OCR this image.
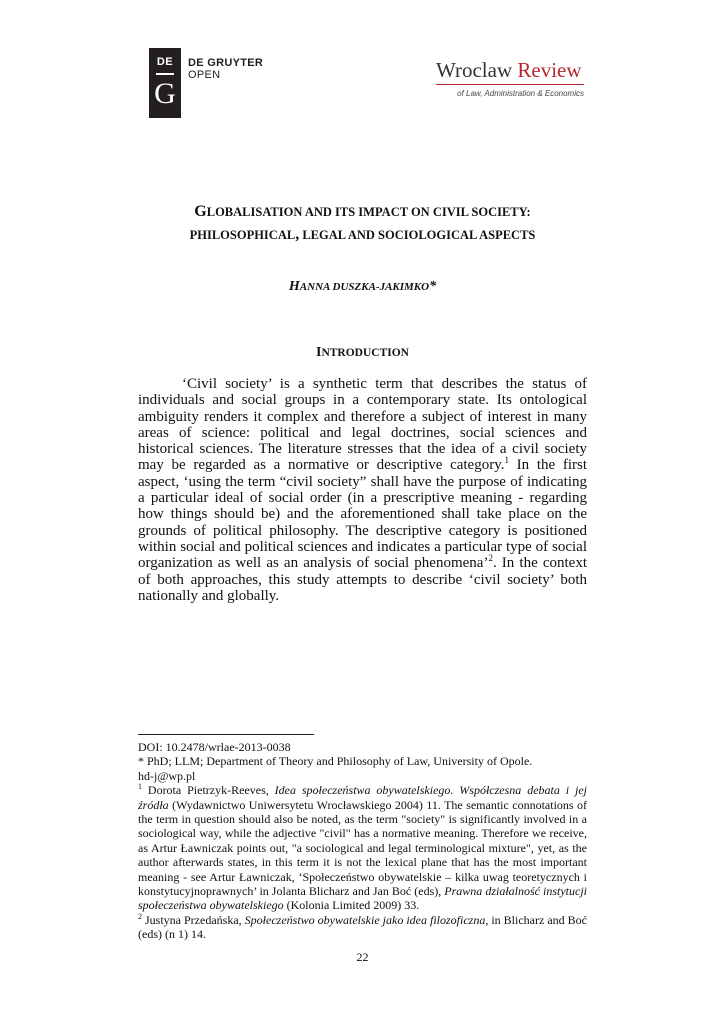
DE
G
DE GRUYTER
OPEN	Wroclaw Review
of Law, Administration & Economics
GLOBALISATION AND ITS IMPACT ON CIVIL SOCIETY:
PHILOSOPHICAL, LEGAL AND SOCIOLOGICAL ASPECTS
HANNA DUSZKA-JAKIMKO*
INTRODUCTION

‘Civil society’ is a synthetic term that describes the status of individuals and social groups in a contemporary state. Its ontological ambiguity renders it complex and therefore a subject of interest in many areas of science: political and legal doctrines, social sciences and historical sciences. The literature stresses that the idea of a civil society may be regarded as a normative or descriptive category.$^1$ In the first aspect, ‘using the term “civil society” shall have the purpose of indicating a particular ideal of social order (in a prescriptive meaning - regarding how things should be) and the aforementioned shall take place on the grounds of political philosophy. The descriptive category is positioned within social and political sciences and indicates a particular type of social organization as well as an analysis of social phenomena’$^2$. In the context of both approaches, this study attempts to describe ‘civil society’ both nationally and globally.

DOI: 10.2478/wrlae-2013-0038

* PhD; LLM; Department of Theory and Philosophy of Law, University of Opole.

hd-j@wp.pl

$^1$ Dorota Pietrzyk-Reeves, Idea społeczeństwa obywatelskiego. Współczesna debata i jej źródła (Wydawnictwo Uniwersytetu Wrocławskiego 2004) 11. The semantic connotations of the term in question should also be noted, as the term "society" is significantly involved in a sociological way, while the adjective "civil" has a normative meaning. Therefore we receive, as Artur Ławniczak points out, "a sociological and legal terminological mixture", yet, as the author afterwards states, in this term it is not the lexical plane that has the most important meaning - see Artur Ławniczak, ‘Społeczeństwo obywatelskie – kilka uwag teoretycznych i konstytucyjnoprawnych’ in Jolanta Blicharz and Jan Boć (eds), Prawna działalność instytucji społeczeństwa obywatelskiego (Kolonia Limited 2009) 33.

$^2$ Justyna Przedańska, Społeczeństwo obywatelskie jako idea filozoficzna, in Blicharz and Boć (eds) (n 1) 14.

22
